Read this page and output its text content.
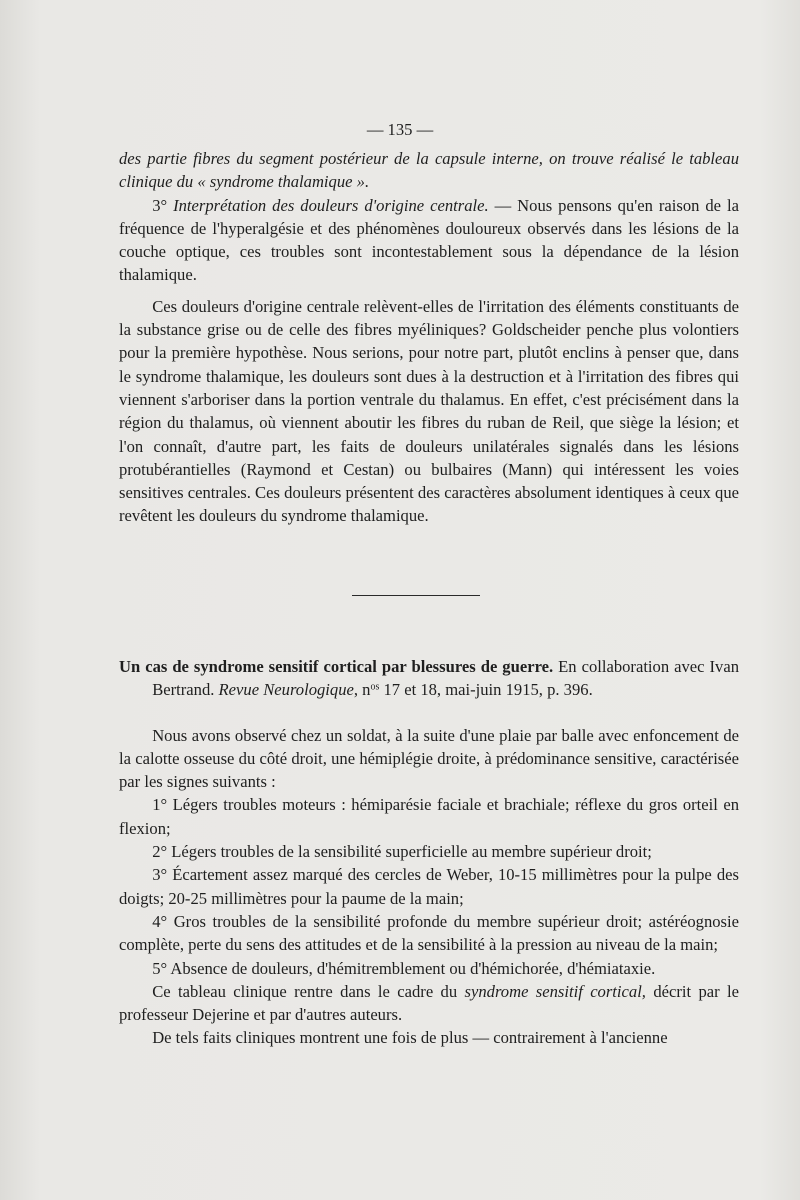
— 135 —

des partie fibres du segment postérieur de la capsule interne, on trouve réalisé le tableau clinique du « syndrome thalamique ».

3° Interprétation des douleurs d'origine centrale. — Nous pensons qu'en raison de la fréquence de l'hyperalgésie et des phénomènes douloureux observés dans les lésions de la couche optique, ces troubles sont incontestablement sous la dépendance de la lésion thalamique.

Ces douleurs d'origine centrale relèvent-elles de l'irritation des éléments constituants de la substance grise ou de celle des fibres myéliniques? Goldscheider penche plus volontiers pour la première hypothèse. Nous serions, pour notre part, plutôt enclins à penser que, dans le syndrome thalamique, les douleurs sont dues à la destruction et à l'irritation des fibres qui viennent s'arboriser dans la portion ventrale du thalamus. En effet, c'est précisément dans la région du thalamus, où viennent aboutir les fibres du ruban de Reil, que siège la lésion; et l'on connaît, d'autre part, les faits de douleurs unilatérales signalés dans les lésions protubérantielles (Raymond et Cestan) ou bulbaires (Mann) qui intéressent les voies sensitives centrales. Ces douleurs présentent des caractères absolument identiques à ceux que revêtent les douleurs du syndrome thalamique.

Un cas de syndrome sensitif cortical par blessures de guerre. En collaboration avec Ivan Bertrand. Revue Neurologique, $n^{os}$ 17 et 18, mai-juin 1915, p. 396.

Nous avons observé chez un soldat, à la suite d'une plaie par balle avec enfoncement de la calotte osseuse du côté droit, une hémiplégie droite, à prédominance sensitive, caractérisée par les signes suivants :

1° Légers troubles moteurs : hémiparésie faciale et brachiale; réflexe du gros orteil en flexion;

2° Légers troubles de la sensibilité superficielle au membre supérieur droit;

3° Écartement assez marqué des cercles de Weber, 10-15 millimètres pour la pulpe des doigts; 20-25 millimètres pour la paume de la main;

4° Gros troubles de la sensibilité profonde du membre supérieur droit; astéréognosie complète, perte du sens des attitudes et de la sensibilité à la pression au niveau de la main;

5° Absence de douleurs, d'hémitremblement ou d'hémichorée, d'hémiataxie.

Ce tableau clinique rentre dans le cadre du syndrome sensitif cortical, décrit par le professeur Dejerine et par d'autres auteurs.

De tels faits cliniques montrent une fois de plus — contrairement à l'ancienne
